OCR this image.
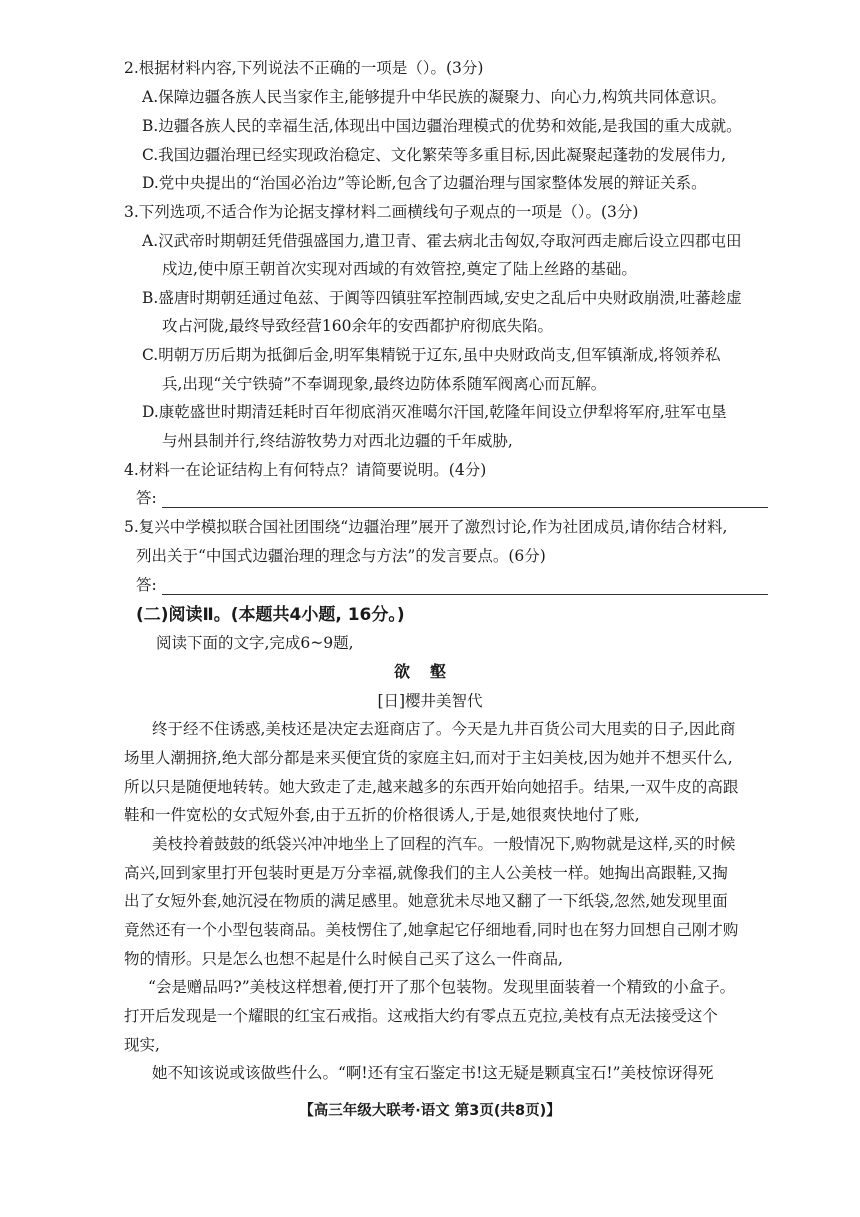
2.根据材料内容,下列说法不正确的一项是（）。(3分)
A.保障边疆各族人民当家作主,能够提升中华民族的凝聚力、向心力,构筑共同体意识。
B.边疆各族人民的幸福生活,体现出中国边疆治理模式的优势和效能,是我国的重大成就。
C.我国边疆治理已经实现政治稳定、文化繁荣等多重目标,因此凝聚起蓬勃的发展伟力,
D.党中央提出的“治国必治边”等论断,包含了边疆治理与国家整体发展的辩证关系。
3.下列选项,不适合作为论据支撑材料二画横线句子观点的一项是（）。(3分)
A.汉武帝时期朝廷凭借强盛国力,遣卫青、霍去病北击匈奴,夺取河西走廊后设立四郡屯田
戍边,使中原王朝首次实现对西域的有效管控,奠定了陆上丝路的基础。
B.盛唐时期朝廷通过龟兹、于阗等四镇驻军控制西域,安史之乱后中央财政崩溃,吐蕃趁虚
攻占河陇,最终导致经营160余年的安西都护府彻底失陷。
C.明朝万历后期为抵御后金,明军集精锐于辽东,虽中央财政尚支,但军镇渐成,将领养私
兵,出现“关宁铁骑”不奉调现象,最终边防体系随军阀离心而瓦解。
D.康乾盛世时期清廷耗时百年彻底消灭准噶尔汗国,乾隆年间设立伊犁将军府,驻军屯垦
与州县制并行,终结游牧势力对西北边疆的千年威胁,
4.材料一在论证结构上有何特点？请简要说明。(4分)
答:
5.复兴中学模拟联合国社团围绕“边疆治理”展开了激烈讨论,作为社团成员,请你结合材料,
列出关于“中国式边疆治理的理念与方法”的发言要点。(6分)
答:
(二)阅读Ⅱ。(本题共4小题, 16分。)
阅读下面的文字,完成6~9题,
欲壑
[日]樱井美智代
终于经不住诱惑,美枝还是决定去逛商店了。今天是九井百货公司大甩卖的日子,因此商
场里人潮拥挤,绝大部分都是来买便宜货的家庭主妇,而对于主妇美枝,因为她并不想买什么,
所以只是随便地转转。她大致走了走,越来越多的东西开始向她招手。结果,一双牛皮的高跟
鞋和一件宽松的女式短外套,由于五折的价格很诱人,于是,她很爽快地付了账,
美枝拎着鼓鼓的纸袋兴冲冲地坐上了回程的汽车。一般情况下,购物就是这样,买的时候
高兴,回到家里打开包装时更是万分幸福,就像我们的主人公美枝一样。她掏出高跟鞋,又掏
出了女短外套,她沉浸在物质的满足感里。她意犹未尽地又翻了一下纸袋,忽然,她发现里面
竟然还有一个小型包装商品。美枝愣住了,她拿起它仔细地看,同时也在努力回想自己刚才购
物的情形。只是怎么也想不起是什么时候自己买了这么一件商品,
“会是赠品吗?”美枝这样想着,便打开了那个包装物。发现里面装着一个精致的小盒子。
打开后发现是一个耀眼的红宝石戒指。这戒指大约有零点五克拉,美枝有点无法接受这个
现实,
她不知该说或该做些什么。“啊!还有宝石鉴定书!这无疑是颗真宝石!”美枝惊讶得死
【高三年级大联考·语文 第3页(共8页)】
